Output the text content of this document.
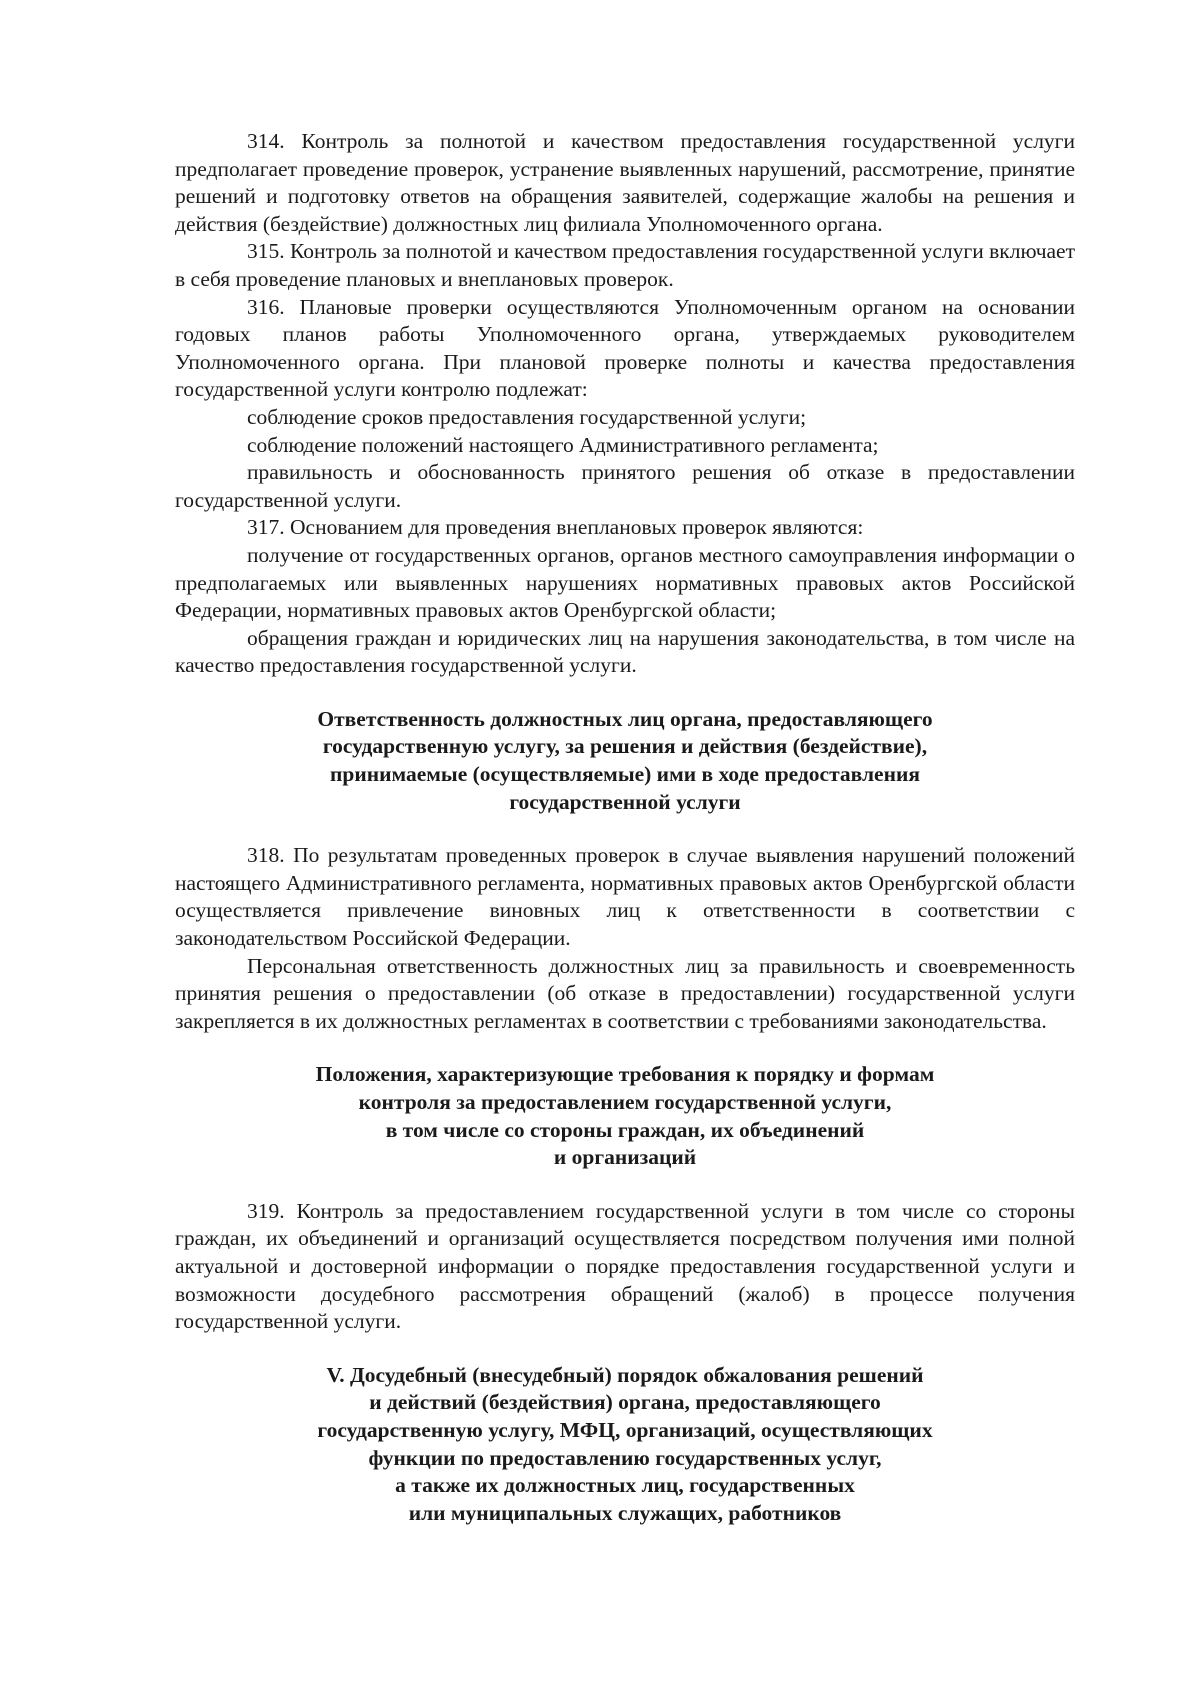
314. Контроль за полнотой и качеством предоставления государственной услуги предполагает проведение проверок, устранение выявленных нарушений, рассмотрение, принятие решений и подготовку ответов на обращения заявителей, содержащие жалобы на решения и действия (бездействие) должностных лиц филиала Уполномоченного органа.

315. Контроль за полнотой и качеством предоставления государственной услуги включает в себя проведение плановых и внеплановых проверок.

316. Плановые проверки осуществляются Уполномоченным органом на основании годовых планов работы Уполномоченного органа, утверждаемых руководителем Уполномоченного органа. При плановой проверке полноты и качества предоставления государственной услуги контролю подлежат:

соблюдение сроков предоставления государственной услуги;

соблюдение положений настоящего Административного регламента;

правильность и обоснованность принятого решения об отказе в предоставлении государственной услуги.

317. Основанием для проведения внеплановых проверок являются:

получение от государственных органов, органов местного самоуправления информации о предполагаемых или выявленных нарушениях нормативных правовых актов Российской Федерации, нормативных правовых актов Оренбургской области;

обращения граждан и юридических лиц на нарушения законодательства, в том числе на качество предоставления государственной услуги.

Ответственность должностных лиц органа, предоставляющего
государственную услугу, за решения и действия (бездействие),
принимаемые (осуществляемые) ими в ходе предоставления
государственной услуги

318. По результатам проведенных проверок в случае выявления нарушений положений настоящего Административного регламента, нормативных правовых актов Оренбургской области осуществляется привлечение виновных лиц к ответственности в соответствии с законодательством Российской Федерации.

Персональная ответственность должностных лиц за правильность и своевременность принятия решения о предоставлении (об отказе в предоставлении) государственной услуги закрепляется в их должностных регламентах в соответствии с требованиями законодательства.

Положения, характеризующие требования к порядку и формам
контроля за предоставлением государственной услуги,
в том числе со стороны граждан, их объединений
и организаций

319. Контроль за предоставлением государственной услуги в том числе со стороны граждан, их объединений и организаций осуществляется посредством получения ими полной актуальной и достоверной информации о порядке предоставления государственной услуги и возможности досудебного рассмотрения обращений (жалоб) в процессе получения государственной услуги.

V. Досудебный (внесудебный) порядок обжалования решений
и действий (бездействия) органа, предоставляющего
государственную услугу, МФЦ, организаций, осуществляющих
функции по предоставлению государственных услуг,
а также их должностных лиц, государственных
или муниципальных служащих, работников
